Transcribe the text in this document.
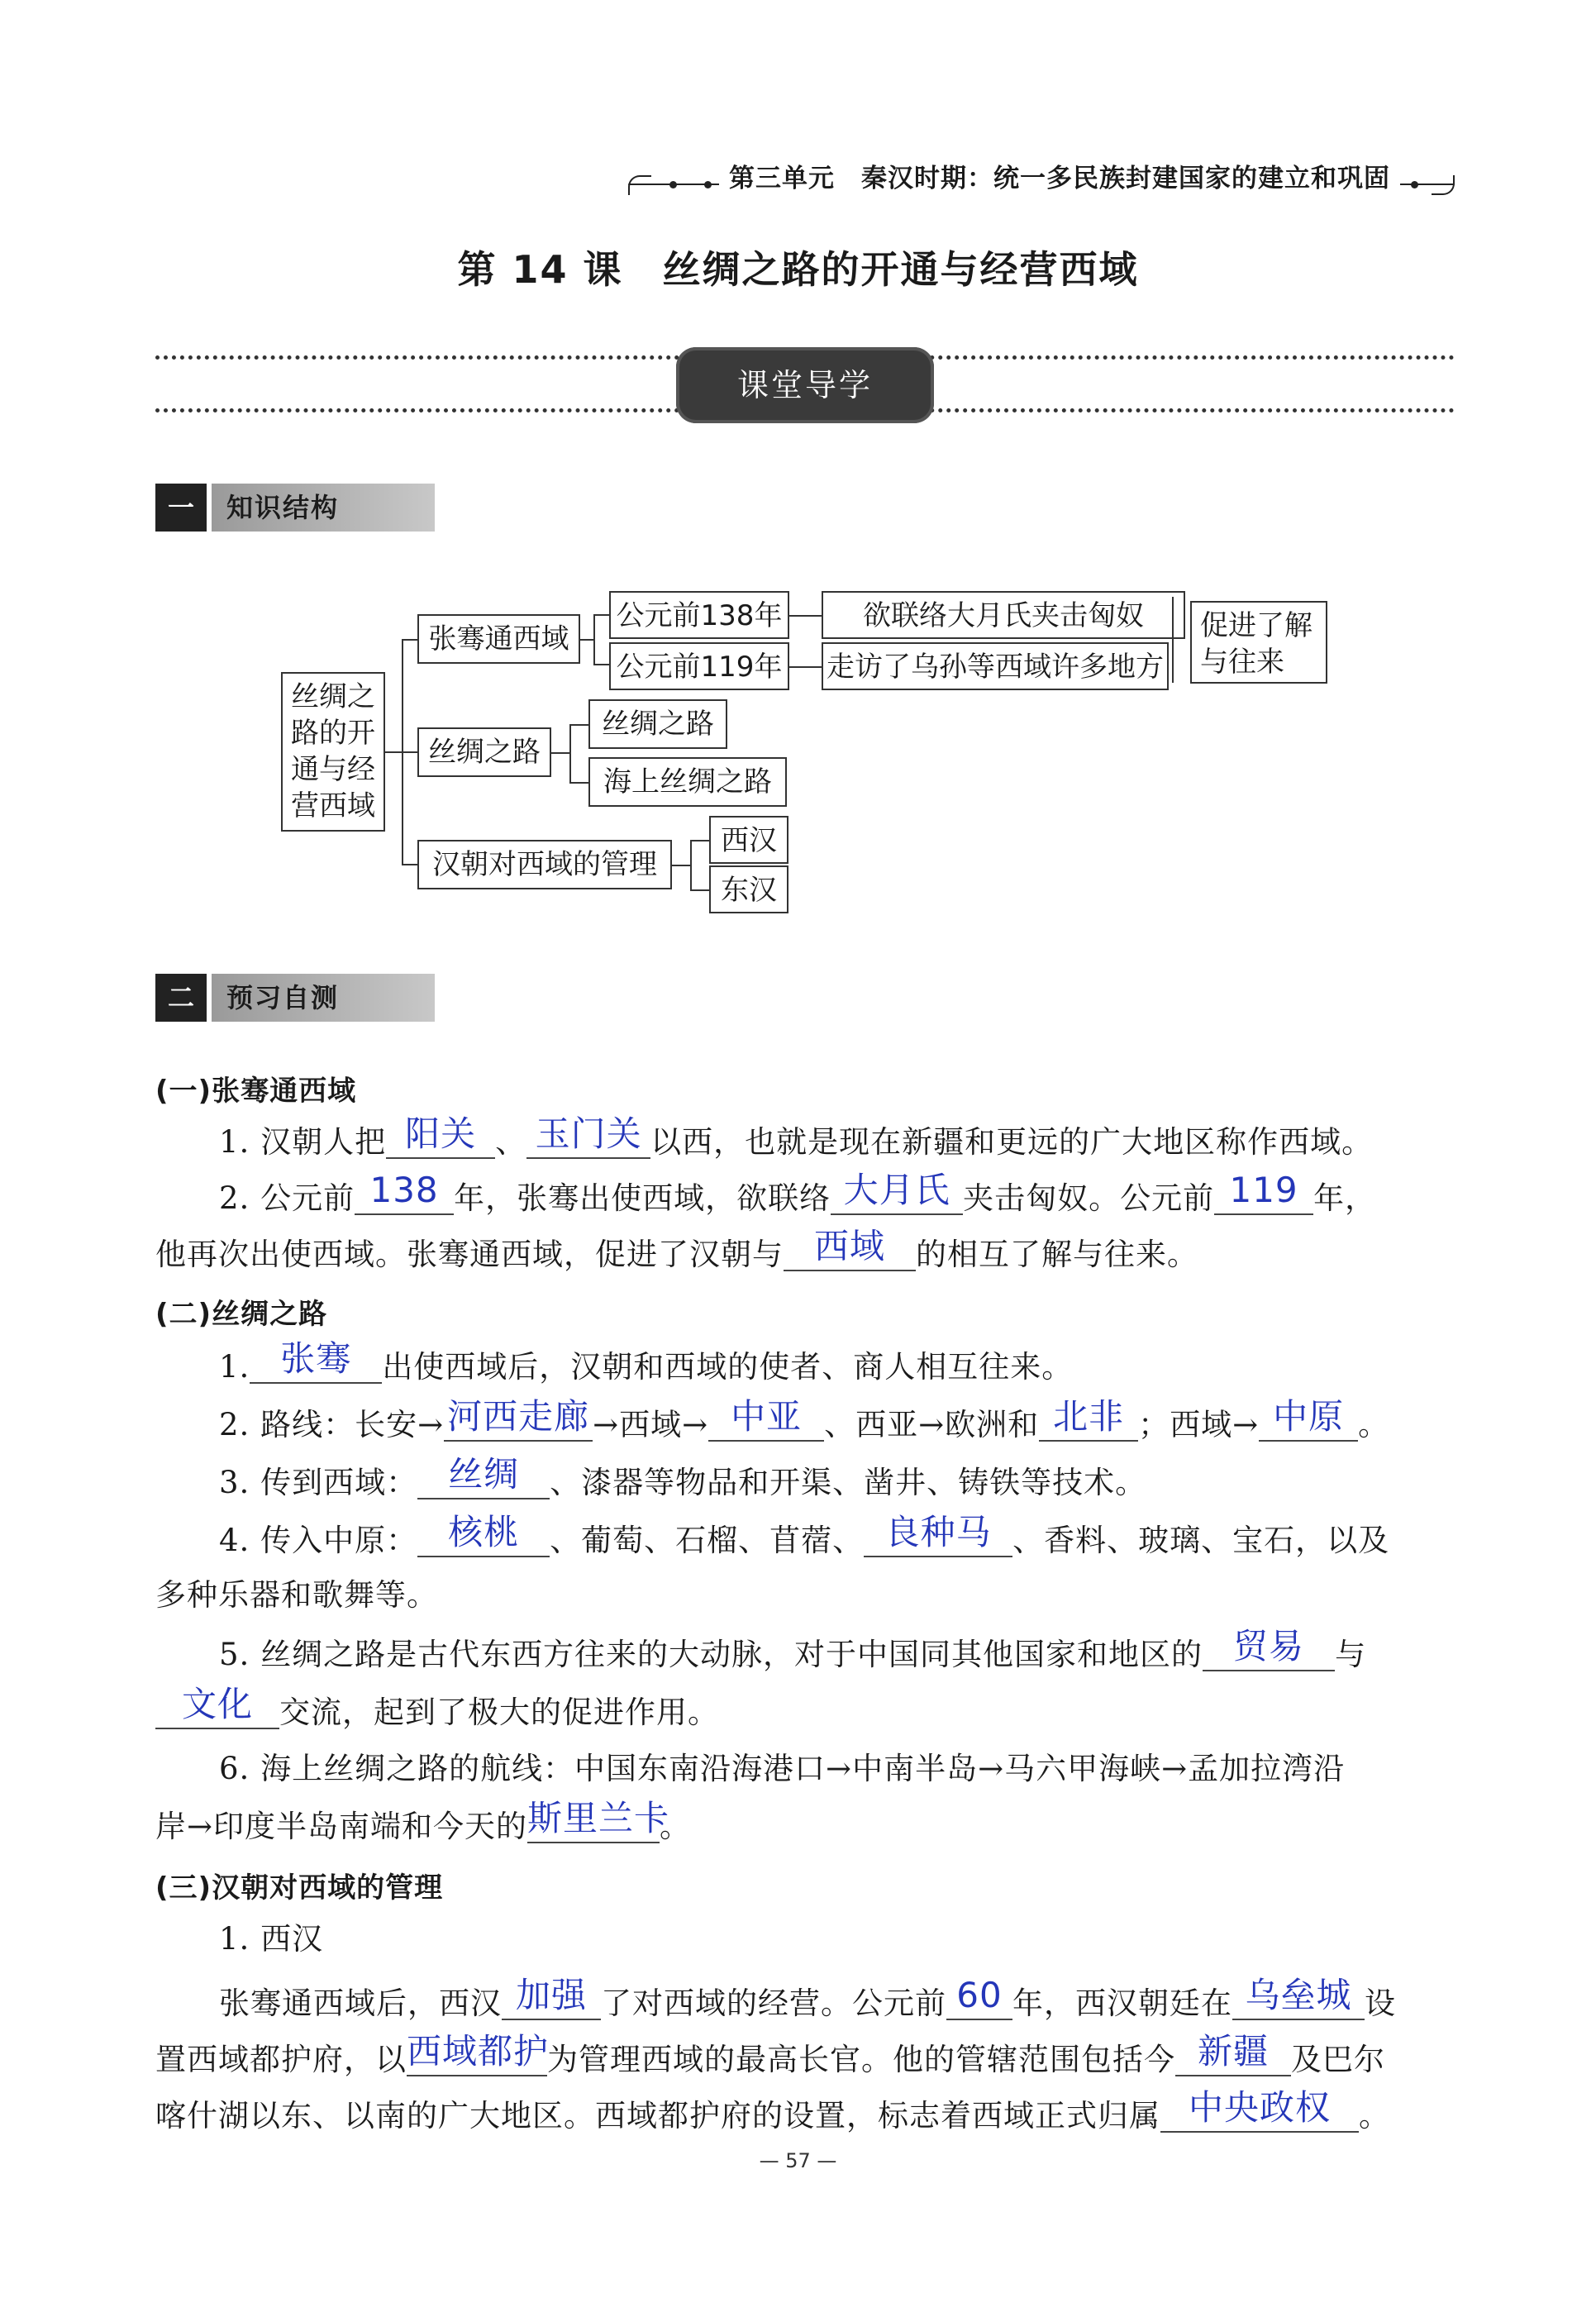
第三单元　秦汉时期：统一多民族封建国家的建立和巩固
第 14 课　丝绸之路的开通与经营西域
课堂导学
一	知识结构
丝绸之路的开通与经营西域
张骞通西域
公元前138年
公元前119年
欲联络大月氏夹击匈奴
走访了乌孙等西域许多地方
促进了解与往来
丝绸之路
丝绸之路
海上丝绸之路
汉朝对西域的管理
西汉
东汉
二	预习自测
(一)张骞通西域
1. 汉朝人把 阳关 、 玉门关 以西，也就是现在新疆和更远的广大地区称作西域。
2. 公元前 138 年，张骞出使西域，欲联络 大月氏 夹击匈奴。公元前 119 年，
他再次出使西域。张骞通西域，促进了汉朝与 西域	的相互了解与往来。
(二)丝绸之路
1. 张骞	出使西域后，汉朝和西域的使者、商人相互往来。
2. 路线：长安→ 河西走廊 →西域→ 中亚 、西亚→欧洲和 北非 ；西域→ 中原 。
3. 传到西域： 丝绸	、漆器等物品和开渠、凿井、铸铁等技术。
4. 传入中原： 核桃	、葡萄、石榴、苜蓿、 良种马 、香料、玻璃、宝石，以及
多种乐器和歌舞等。
5. 丝绸之路是古代东西方往来的大动脉，对于中国同其他国家和地区的 贸易	与
文化 交流，起到了极大的促进作用。
6. 海上丝绸之路的航线：中国东南沿海港口→中南半岛→马六甲海峡→孟加拉湾沿
岸→印度半岛南端和今天的 斯里兰卡
。
(三)汉朝对西域的管理
1. 西汉
张骞通西域后，西汉 加强 了对西域的经营。公元前 60 年，西汉朝廷在 乌垒城 设
置西域都护府，以 西域都护
为管理西域的最高长官。他的管辖范围包括今 新疆 及巴尔
喀什湖以东、以南的广大地区。西域都护府的设置，标志着西域正式归属 中央政权 。
— 57 —
